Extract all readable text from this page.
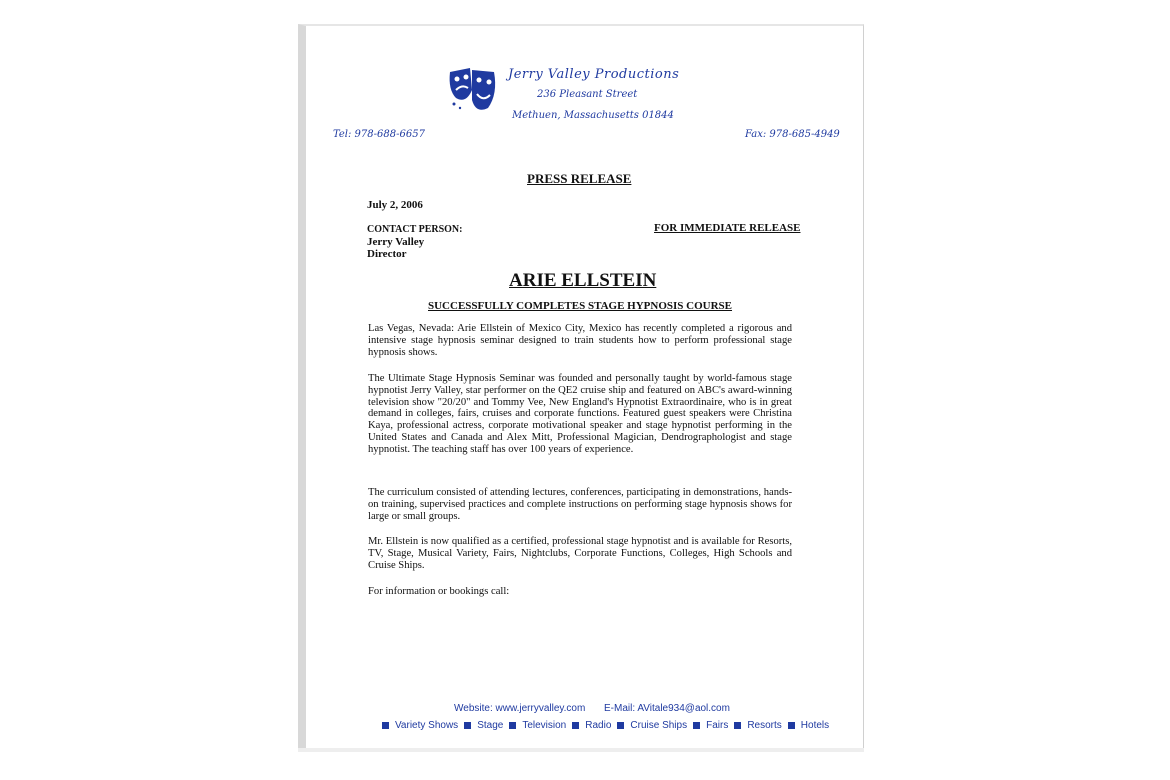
Jerry Valley Productions
236 Pleasant Street
Methuen, Massachusetts 01844
Tel: 978-688-6657	Fax: 978-685-4949
PRESS RELEASE
July 2, 2006
CONTACT PERSON:
Jerry Valley
Director
FOR IMMEDIATE RELEASE
ARIE ELLSTEIN
SUCCESSFULLY COMPLETES STAGE HYPNOSIS COURSE

Las Vegas, Nevada: Arie Ellstein of Mexico City, Mexico has recently completed a rigorous and intensive stage hypnosis seminar designed to train students how to perform professional stage hypnosis shows.

The Ultimate Stage Hypnosis Seminar was founded and personally taught by world-famous stage hypnotist Jerry Valley, star performer on the QE2 cruise ship and featured on ABC's award-winning television show "20/20" and Tommy Vee, New England's Hypnotist Extraordinaire, who is in great demand in colleges, fairs, cruises and corporate functions. Featured guest speakers were Christina Kaya, professional actress, corporate motivational speaker and stage hypnotist performing in the United States and Canada and Alex Mitt, Professional Magician, Dendrographologist and stage hypnotist. The teaching staff has over 100 years of experience.

The curriculum consisted of attending lectures, conferences, participating in demonstrations, hands-on training, supervised practices and complete instructions on performing stage hypnosis shows for large or small groups.

Mr. Ellstein is now qualified as a certified, professional stage hypnotist and is available for Resorts, TV, Stage, Musical Variety, Fairs, Nightclubs, Corporate Functions, Colleges, High Schools and Cruise Ships.

For information or bookings call:

Website: www.jerryvalley.com E-Mail: AVitale934@aol.com
Variety Shows Stage Television Radio Cruise Ships Fairs Resorts Hotels
